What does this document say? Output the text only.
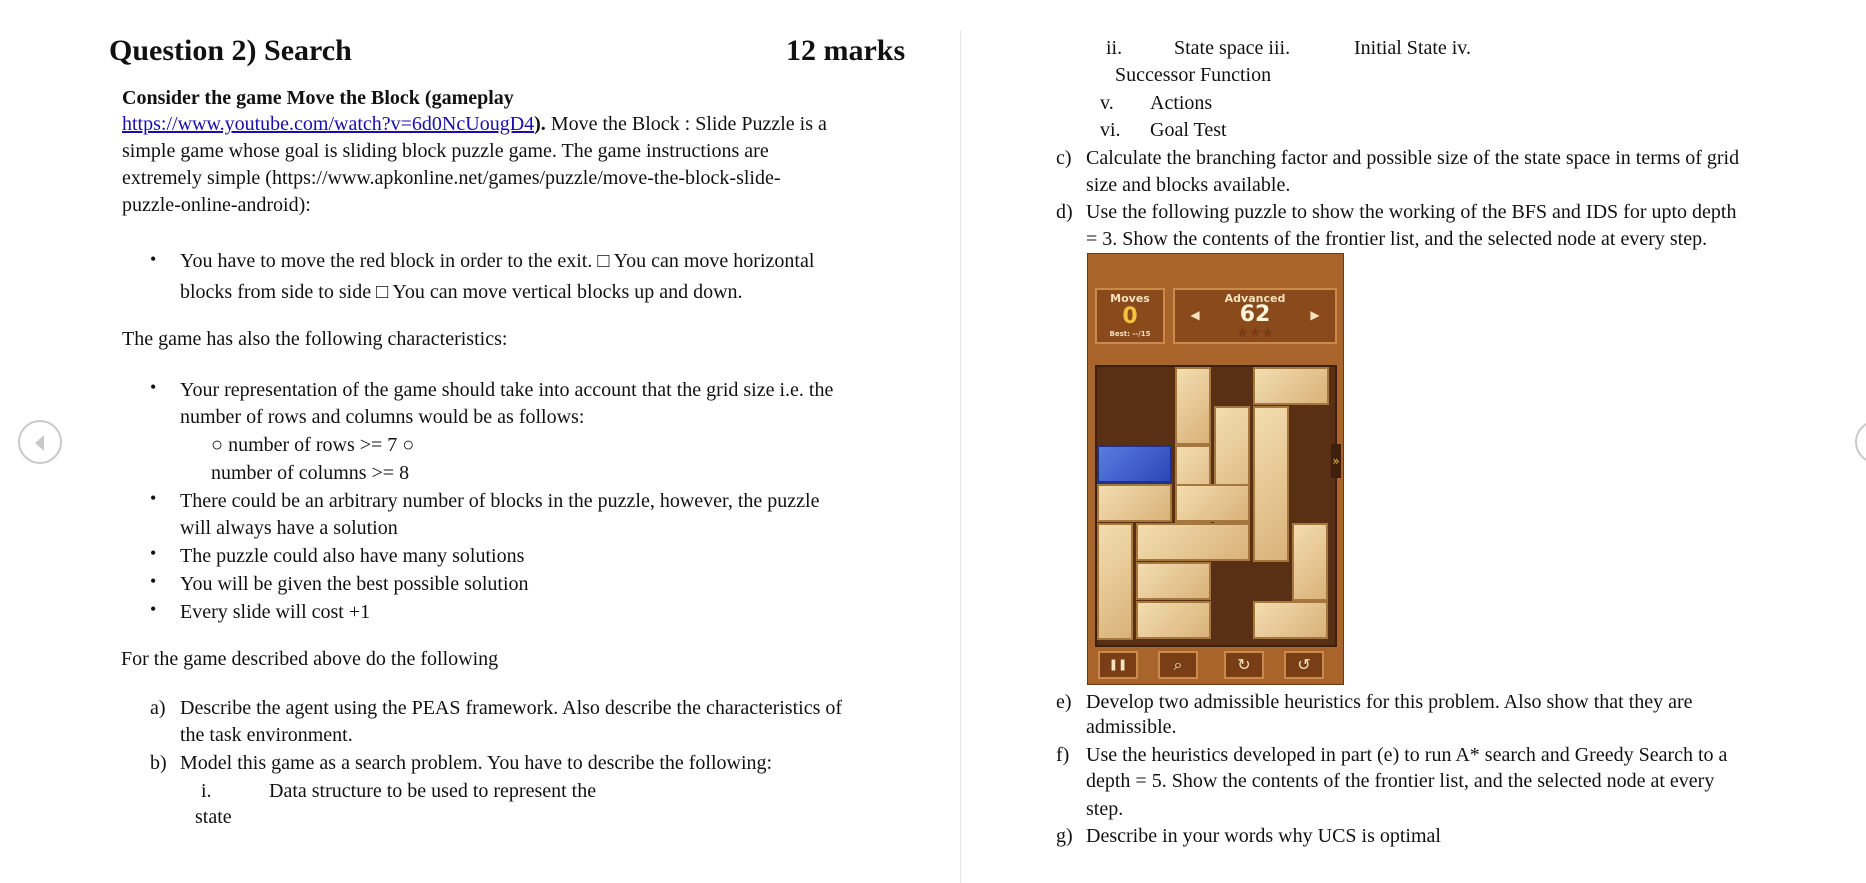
Question 2) Search	12 marks
Consider the game Move the Block (gameplay
https://www.youtube.com/watch?v=6d0NcUougD4). Move the Block : Slide Puzzle is a
simple game whose goal is sliding block puzzle game. The game instructions are
extremely simple (https://www.apkonline.net/games/puzzle/move-the-block-slide-
puzzle-online-android):
• You have to move the red block in order to the exit. □ You can move horizontal
blocks from side to side □ You can move vertical blocks up and down.
The game has also the following characteristics:
• Your representation of the game should take into account that the grid size i.e. the
number of rows and columns would be as follows:
○ number of rows >= 7 ○
number of columns >= 8
• There could be an arbitrary number of blocks in the puzzle, however, the puzzle
will always have a solution
• The puzzle could also have many solutions
• You will be given the best possible solution
• Every slide will cost +1
For the game described above do the following
a) Describe the agent using the PEAS framework. Also describe the characteristics of
the task environment.
b) Model this game as a search problem. You have to describe the following:
i.	Data structure to be used to represent the
state
ii.	State space iii.	Initial State iv.
Successor Function
v. Actions
vi. Goal Test
c) Calculate the branching factor and possible size of the state space in terms of grid
size and blocks available.
d) Use the following puzzle to show the working of the BFS and IDS for upto depth
= 3. Show the contents of the frontier list, and the selected node at every step.
Moves
0
Best: --/15
Advanced
62
★★★
◀	▶
»
❚❚	⌕	↻	↺
e) Develop two admissible heuristics for this problem. Also show that they are
admissible.
f) Use the heuristics developed in part (e) to run A* search and Greedy Search to a
depth = 5. Show the contents of the frontier list, and the selected node at every
step.
g) Describe in your words why UCS is optimal
